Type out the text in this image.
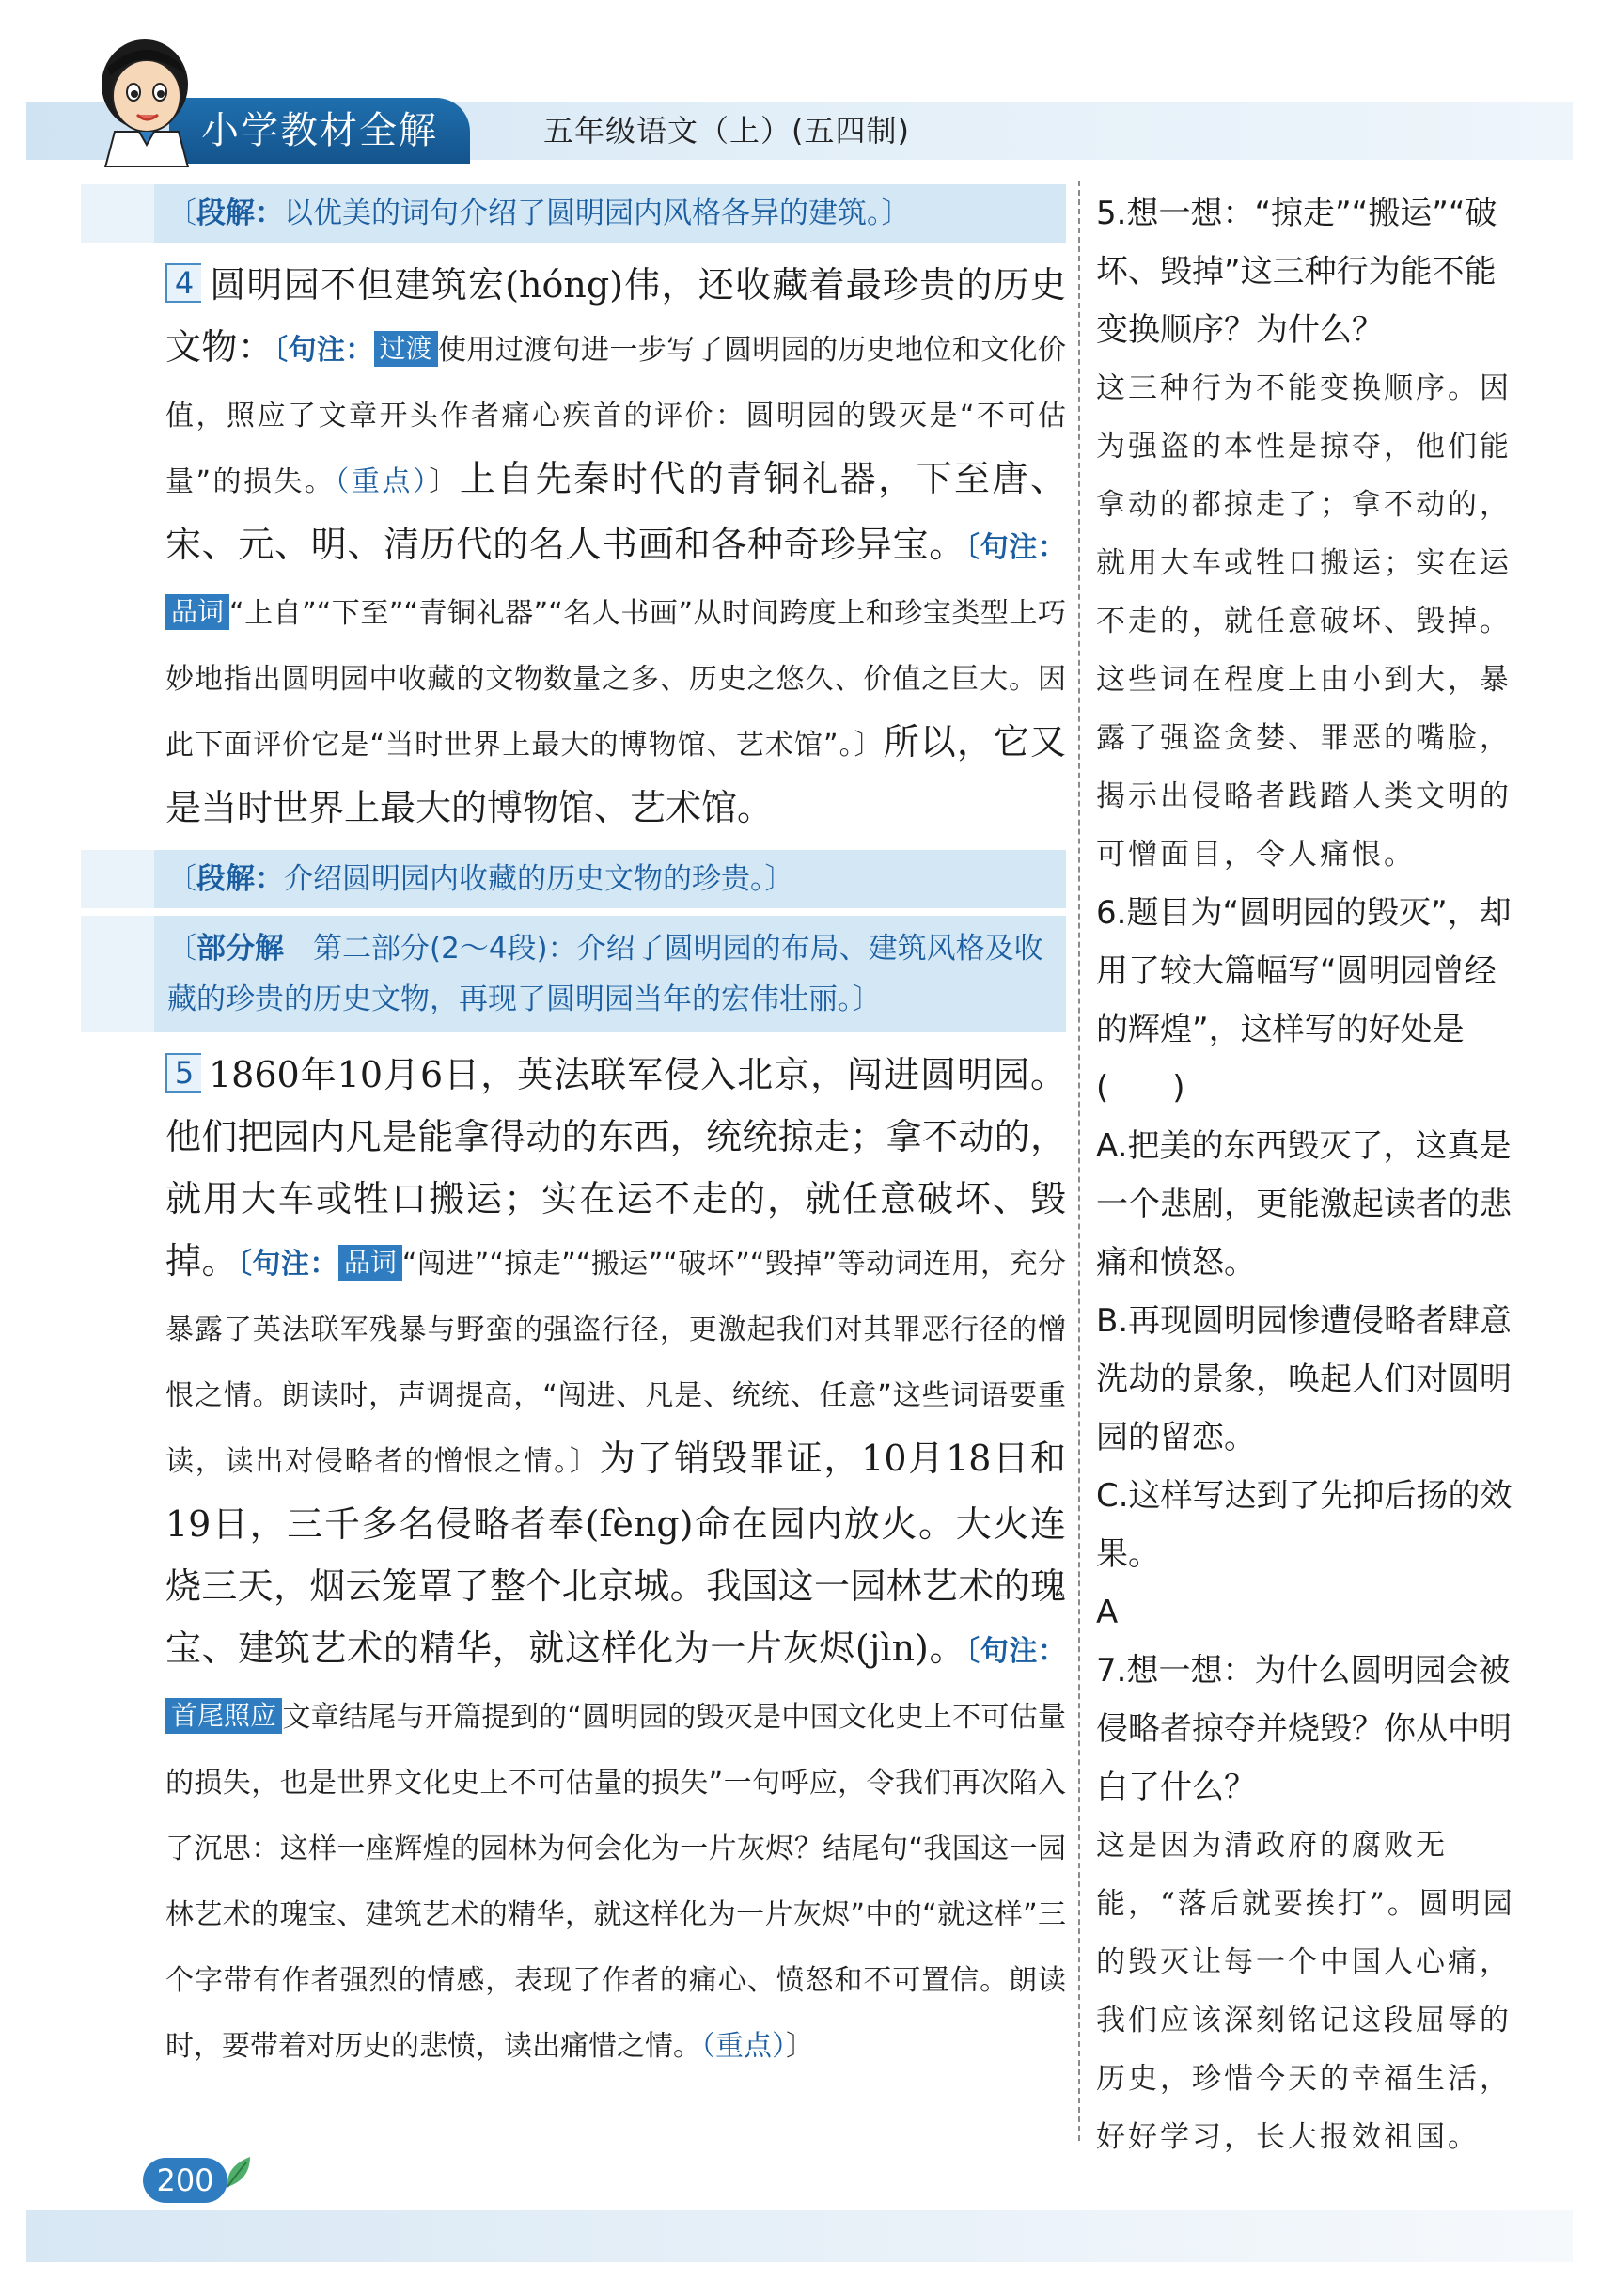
小学教材全解	五年级语文（上）(五四制)
〔段解：以优美的词句介绍了圆明园内风格各异的建筑。〕

4 圆明园不但建筑宏(hóng)伟，还收藏着最珍贵的历史文物：〔句注： 过渡 使用过渡句进一步写了圆明园的历史地位和文化价值，照应了文章开头作者痛心疾首的评价：圆明园的毁灭是“不可估量”的损失。（重点）〕上自先秦时代的青铜礼器，下至唐、宋、元、明、清历代的名人书画和各种奇珍异宝。〔句注：品词 “上自”“下至”“青铜礼器”“名人书画”从时间跨度上和珍宝类型上巧妙地指出圆明园中收藏的文物数量之多、历史之悠久、价值之巨大。因此下面评价它是“当时世界上最大的博物馆、艺术馆”。〕所以，它又是当时世界上最大的博物馆、艺术馆。

〔段解：介绍圆明园内收藏的历史文物的珍贵。〕
〔部分解　 第二部分(2～4段)：介绍了圆明园的布局、建筑风格及收藏的珍贵的历史文物，再现了圆明园当年的宏伟壮丽。〕

5 1860年10月6日，英法联军侵入北京，闯进圆明园。他们把园内凡是能拿得动的东西，统统掠走；拿不动的，就用大车或牲口搬运；实在运不走的，就任意破坏、毁掉。〔句注： 品词 “闯进”“掠走”“搬运”“破坏”“毁掉”等动词连用，充分暴露了英法联军残暴与野蛮的强盗行径，更激起我们对其罪恶行径的憎恨之情。朗读时，声调提高，“闯进、凡是、统统、任意”这些词语要重读，读出对侵略者的憎恨之情。〕为了销毁罪证，10月18日和19日，三千多名侵略者奉(fèng)命在园内放火。大火连烧三天，烟云笼罩了整个北京城。我国这一园林艺术的瑰宝、建筑艺术的精华，就这样化为一片灰烬(jìn)。〔句注：首尾照应 文章结尾与开篇提到的“圆明园的毁灭是中国文化史上不可估量的损失，也是世界文化史上不可估量的损失”一句呼应，令我们再次陷入了沉思：这样一座辉煌的园林为何会化为一片灰烬？结尾句“我国这一园林艺术的瑰宝、建筑艺术的精华，就这样化为一片灰烬”中的“就这样”三个字带有作者强烈的情感，表现了作者的痛心、愤怒和不可置信。朗读时，要带着对历史的悲愤，读出痛惜之情。（重点）〕

5.想一想：“掠走”“搬运”“破坏、毁掉”这三种行为能不能变换顺序？为什么？

这三种行为不能变换顺序。因为强盗的本性是掠夺，他们能拿动的都掠走了；拿不动的，就用大车或牲口搬运；实在运不走的，就任意破坏、毁掉。这些词在程度上由小到大，暴露了强盗贪婪、罪恶的嘴脸，揭示出侵略者践踏人类文明的可憎面目，令人痛恨。

6.题目为“圆明园的毁灭”，却用了较大篇幅写“圆明园曾经的辉煌”，这样写的好处是(　　)

A.把美的东西毁灭了，这真是一个悲剧，更能激起读者的悲痛和愤怒。

B.再现圆明园惨遭侵略者肆意洗劫的景象，唤起人们对圆明园的留恋。

C.这样写达到了先抑后扬的效果。

A

7.想一想：为什么圆明园会被侵略者掠夺并烧毁？你从中明白了什么？

这是因为清政府的腐败无能，“落后就要挨打”。圆明园的毁灭让每一个中国人心痛，我们应该深刻铭记这段屈辱的历史，珍惜今天的幸福生活，好好学习，长大报效祖国。

200
